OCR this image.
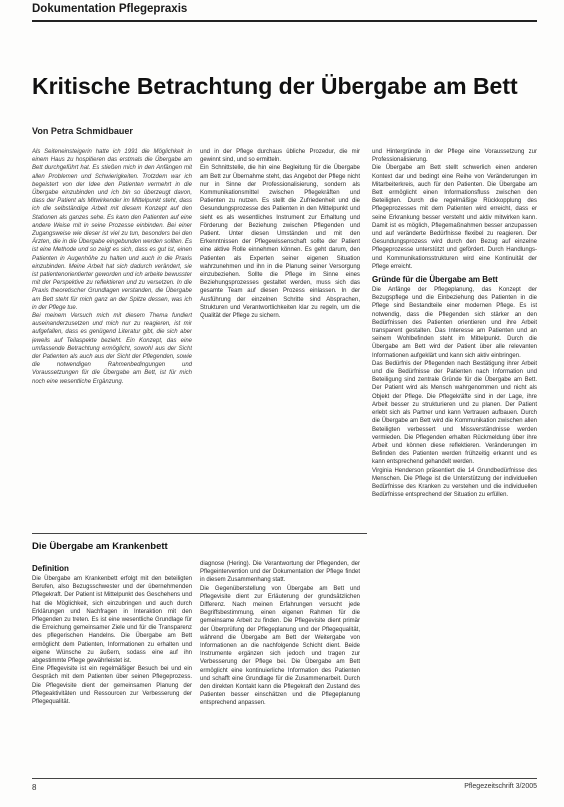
Dokumentation Pflegepraxis
Kritische Betrachtung der Übergabe am Bett
Von Petra Schmidbauer

Als Seiteneinsteigerin hatte ich 1991 die Möglichkeit in einem Haus zu hospitieren das erstmals die Übergabe am Bett durchgeführt hat. Es stießen mich in den Anfängen mit allen Problemen und Schwierigkeiten. Trotzdem war ich begeistert von der Idee den Patienten vermehrt in die Übergabe einzubinden und ich bin so überzeugt davon, dass der Patient als Mitwirkender im Mittelpunkt steht, dass ich die selbständige Arbeit mit diesem Konzept auf den Stationen als ganzes sehe. Es kann den Patienten auf eine andere Weise mit in seine Prozesse einbinden. Bei einer Zugangsweise wie dieser ist viel zu tun, besonders bei den Ärzten, die in die Übergabe eingebunden werden sollten. Es ist eine Methode und so zeigt es sich, dass es gut ist, einen Patienten in Augenhöhe zu halten und auch in die Praxis einzubinden. Meine Arbeit hat sich dadurch verändert, sie ist patientenorientierter geworden und ich arbeite bewusster mit der Perspektive zu reflektieren und zu versetzen. In die Praxis theoretischer Grundlagen verstanden, die Übergabe am Bett steht für mich ganz an der Spitze dessen, was ich in der Pflege tue.

Bei meinem Versuch mich mit diesem Thema fundiert auseinanderzusetzen und mich nur zu reagieren, ist mir aufgefallen, dass es genügend Literatur gibt, die sich aber jeweils auf Teilaspekte bezieht. Ein Konzept, das eine umfassende Betrachtung ermöglicht, sowohl aus der Sicht der Patienten als auch aus der Sicht der Pflegenden, sowie die notwendigen Rahmenbedingungen und Voraussetzungen für die Übergabe am Bett, ist für mich noch eine wesentliche Ergänzung.

und in der Pflege durchaus übliche Prozedur, die mir gewinnt sind, und so ermitteln.

Ein Schnittstelle, die hin eine Begleitung für die Übergabe am Bett zur Übernahme steht, das Angebot der Pflege nicht nur in Sinne der Professionalisierung, sondern als Kommunikationsmittel zwischen Pflegekräften und Patienten zu nutzen. Es stellt die Zufriedenheit und die Gesundungsprozesse des Patienten in den Mittelpunkt und sieht es als wesentliches Instrument zur Erhaltung und Förderung der Beziehung zwischen Pflegenden und Patient. Unter diesen Umständen und mit den Erkenntnissen der Pflegewissenschaft sollte der Patient eine aktive Rolle einnehmen können. Es geht darum, den Patienten als Experten seiner eigenen Situation wahrzunehmen und ihn in die Planung seiner Versorgung einzubeziehen. Sollte die Pflege im Sinne eines Beziehungsprozesses gestaltet werden, muss sich das gesamte Team auf diesen Prozess einlassen. In der Ausführung der einzelnen Schritte sind Absprachen, Strukturen und Verantwortlichkeiten klar zu regeln, um die Qualität der Pflege zu sichern.

und Hintergründe in der Pflege eine Voraussetzung zur Professionalisierung.

Die Übergabe am Bett stellt schwerlich einen anderen Kontext dar und bedingt eine Reihe von Veränderungen im Mitarbeiterkreis, auch für den Patienten. Die Übergabe am Bett ermöglicht einen Informationsfluss zwischen den Beteiligten. Durch die regelmäßige Rückkopplung des Pflegeprozesses mit dem Patienten wird erreicht, dass er seine Erkrankung besser versteht und aktiv mitwirken kann. Damit ist es möglich, Pflegemaßnahmen besser anzupassen und auf veränderte Bedürfnisse flexibel zu reagieren. Der Gesundungsprozess wird durch den Bezug auf einzelne Pflegeprozesse unterstützt und gefördert. Durch Handlungs- und Kommunikationsstrukturen wird eine Kontinuität der Pflege erreicht.

Gründe für die Übergabe am Bett

Die Anfänge der Pflegeplanung, das Konzept der Bezugspflege und die Einbeziehung des Patienten in die Pflege sind Bestandteile einer modernen Pflege. Es ist notwendig, dass die Pflegenden sich stärker an den Bedürfnissen des Patienten orientieren und ihre Arbeit transparent gestalten. Das Interesse am Patienten und an seinem Wohlbefinden steht im Mittelpunkt. Durch die Übergabe am Bett wird der Patient über alle relevanten Informationen aufgeklärt und kann sich aktiv einbringen.

Das Bedürfnis der Pflegenden nach Bestätigung ihrer Arbeit und die Bedürfnisse der Patienten nach Information und Beteiligung sind zentrale Gründe für die Übergabe am Bett. Der Patient wird als Mensch wahrgenommen und nicht als Objekt der Pflege. Die Pflegekräfte sind in der Lage, ihre Arbeit besser zu strukturieren und zu planen. Der Patient erlebt sich als Partner und kann Vertrauen aufbauen. Durch die Übergabe am Bett wird die Kommunikation zwischen allen Beteiligten verbessert und Missverständnisse werden vermieden. Die Pflegenden erhalten Rückmeldung über ihre Arbeit und können diese reflektieren. Veränderungen im Befinden des Patienten werden frühzeitig erkannt und es kann entsprechend gehandelt werden.

Virginia Henderson präsentiert die 14 Grundbedürfnisse des Menschen. Die Pflege ist die Unterstützung der individuellen Bedürfnisse des Kranken zu verstehen und die individuellen Bedürfnisse entsprechend der Situation zu erfüllen.

Die Übergabe am Krankenbett
Definition

Die Übergabe am Krankenbett erfolgt mit den beteiligten Berufen, also Bezugsschwester und der übernehmenden Pflegekraft. Der Patient ist Mittelpunkt des Geschehens und hat die Möglichkeit, sich einzubringen und auch durch Erklärungen und Nachfragen in Interaktion mit den Pflegenden zu treten. Es ist eine wesentliche Grundlage für die Erreichung gemeinsamer Ziele und für die Transparenz des pflegerischen Handelns. Die Übergabe am Bett ermöglicht dem Patienten, Informationen zu erhalten und eigene Wünsche zu äußern, sodass eine auf ihn abgestimmte Pflege gewährleistet ist.

Eine Pflegevisite ist ein regelmäßiger Besuch bei und ein Gespräch mit dem Patienten über seinen Pflegeprozess. Die Pflegevisite dient der gemeinsamen Planung der Pflegeaktivitäten und Ressourcen zur Verbesserung der Pflegequalität.

diagnose (Hering). Die Verantwortung der Pflegenden, der Pflegeintervention und der Dokumentation der Pflege findet in diesem Zusammenhang statt.

Die Gegenüberstellung von Übergabe am Bett und Pflegevisite dient zur Erläuterung der grundsätzlichen Differenz. Nach meinen Erfahrungen versucht jede Begriffsbestimmung, einen eigenen Rahmen für die gemeinsame Arbeit zu finden. Die Pflegevisite dient primär der Überprüfung der Pflegeplanung und der Pflegequalität, während die Übergabe am Bett der Weitergabe von Informationen an die nachfolgende Schicht dient. Beide Instrumente ergänzen sich jedoch und tragen zur Verbesserung der Pflege bei. Die Übergabe am Bett ermöglicht eine kontinuierliche Information des Patienten und schafft eine Grundlage für die Zusammenarbeit. Durch den direkten Kontakt kann die Pflegekraft den Zustand des Patienten besser einschätzen und die Pflegeplanung entsprechend anpassen.

8	Pflegezeitschrift 3/2005
